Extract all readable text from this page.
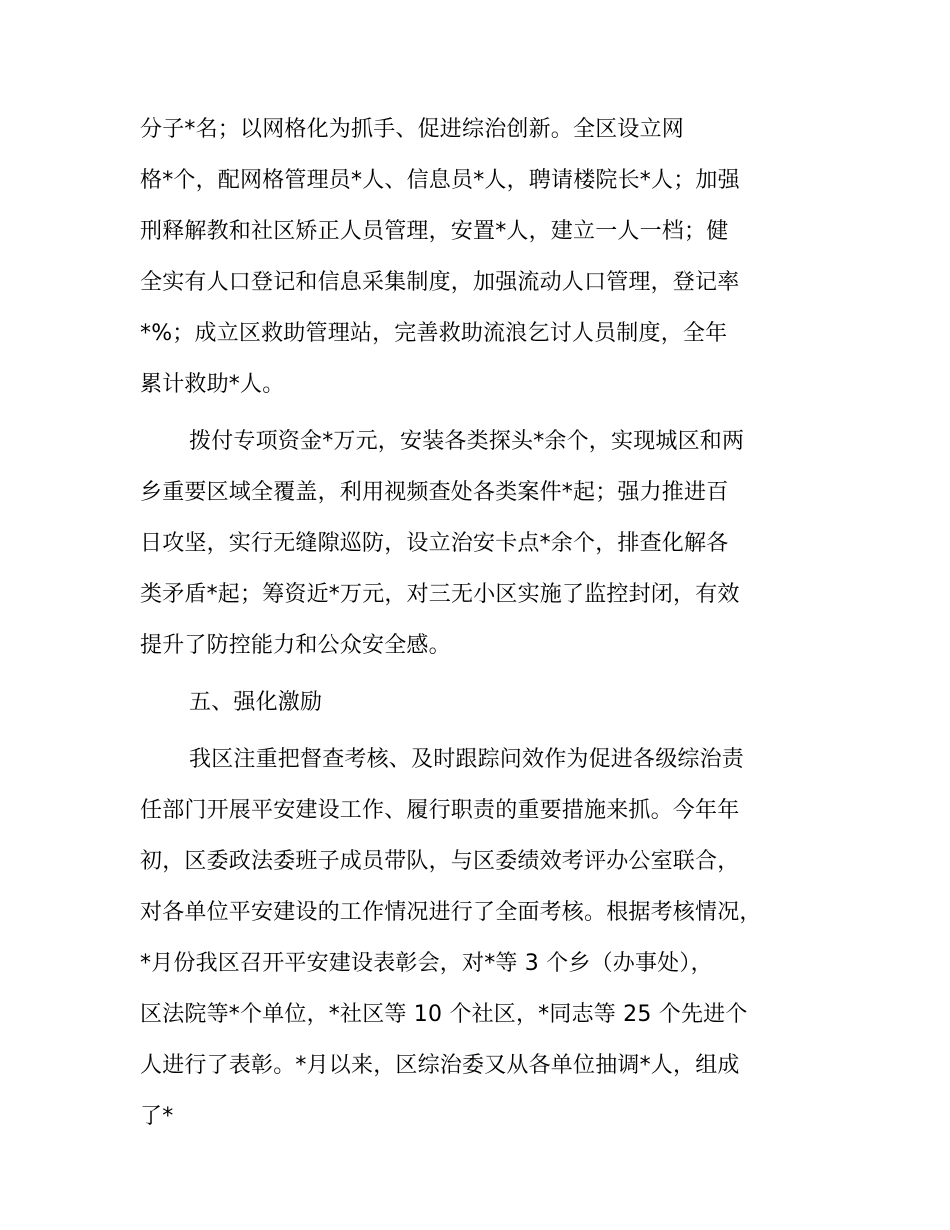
分子*名；以网格化为抓手、促进综治创新。全区设立网
格*个，配网格管理员*人、信息员*人，聘请楼院长*人；加强
刑释解教和社区矫正人员管理，安置*人，建立一人一档；健
全实有人口登记和信息采集制度，加强流动人口管理，登记率
*%；成立区救助管理站，完善救助流浪乞讨人员制度，全年
累计救助*人。
拨付专项资金*万元，安装各类探头*余个，实现城区和两
乡重要区域全覆盖，利用视频查处各类案件*起；强力推进百
日攻坚，实行无缝隙巡防，设立治安卡点*余个，排查化解各
类矛盾*起；筹资近*万元，对三无小区实施了监控封闭，有效
提升了防控能力和公众安全感。
五、强化激励
我区注重把督查考核、及时跟踪问效作为促进各级综治责
任部门开展平安建设工作、履行职责的重要措施来抓。今年年
初，区委政法委班子成员带队，与区委绩效考评办公室联合，
对各单位平安建设的工作情况进行了全面考核。根据考核情况，
*月份我区召开平安建设表彰会，对*等 3 个乡（办事处），
区法院等*个单位，*社区等 10 个社区，*同志等 25 个先进个
人进行了表彰。*月以来，区综治委又从各单位抽调*人，组成
了*
